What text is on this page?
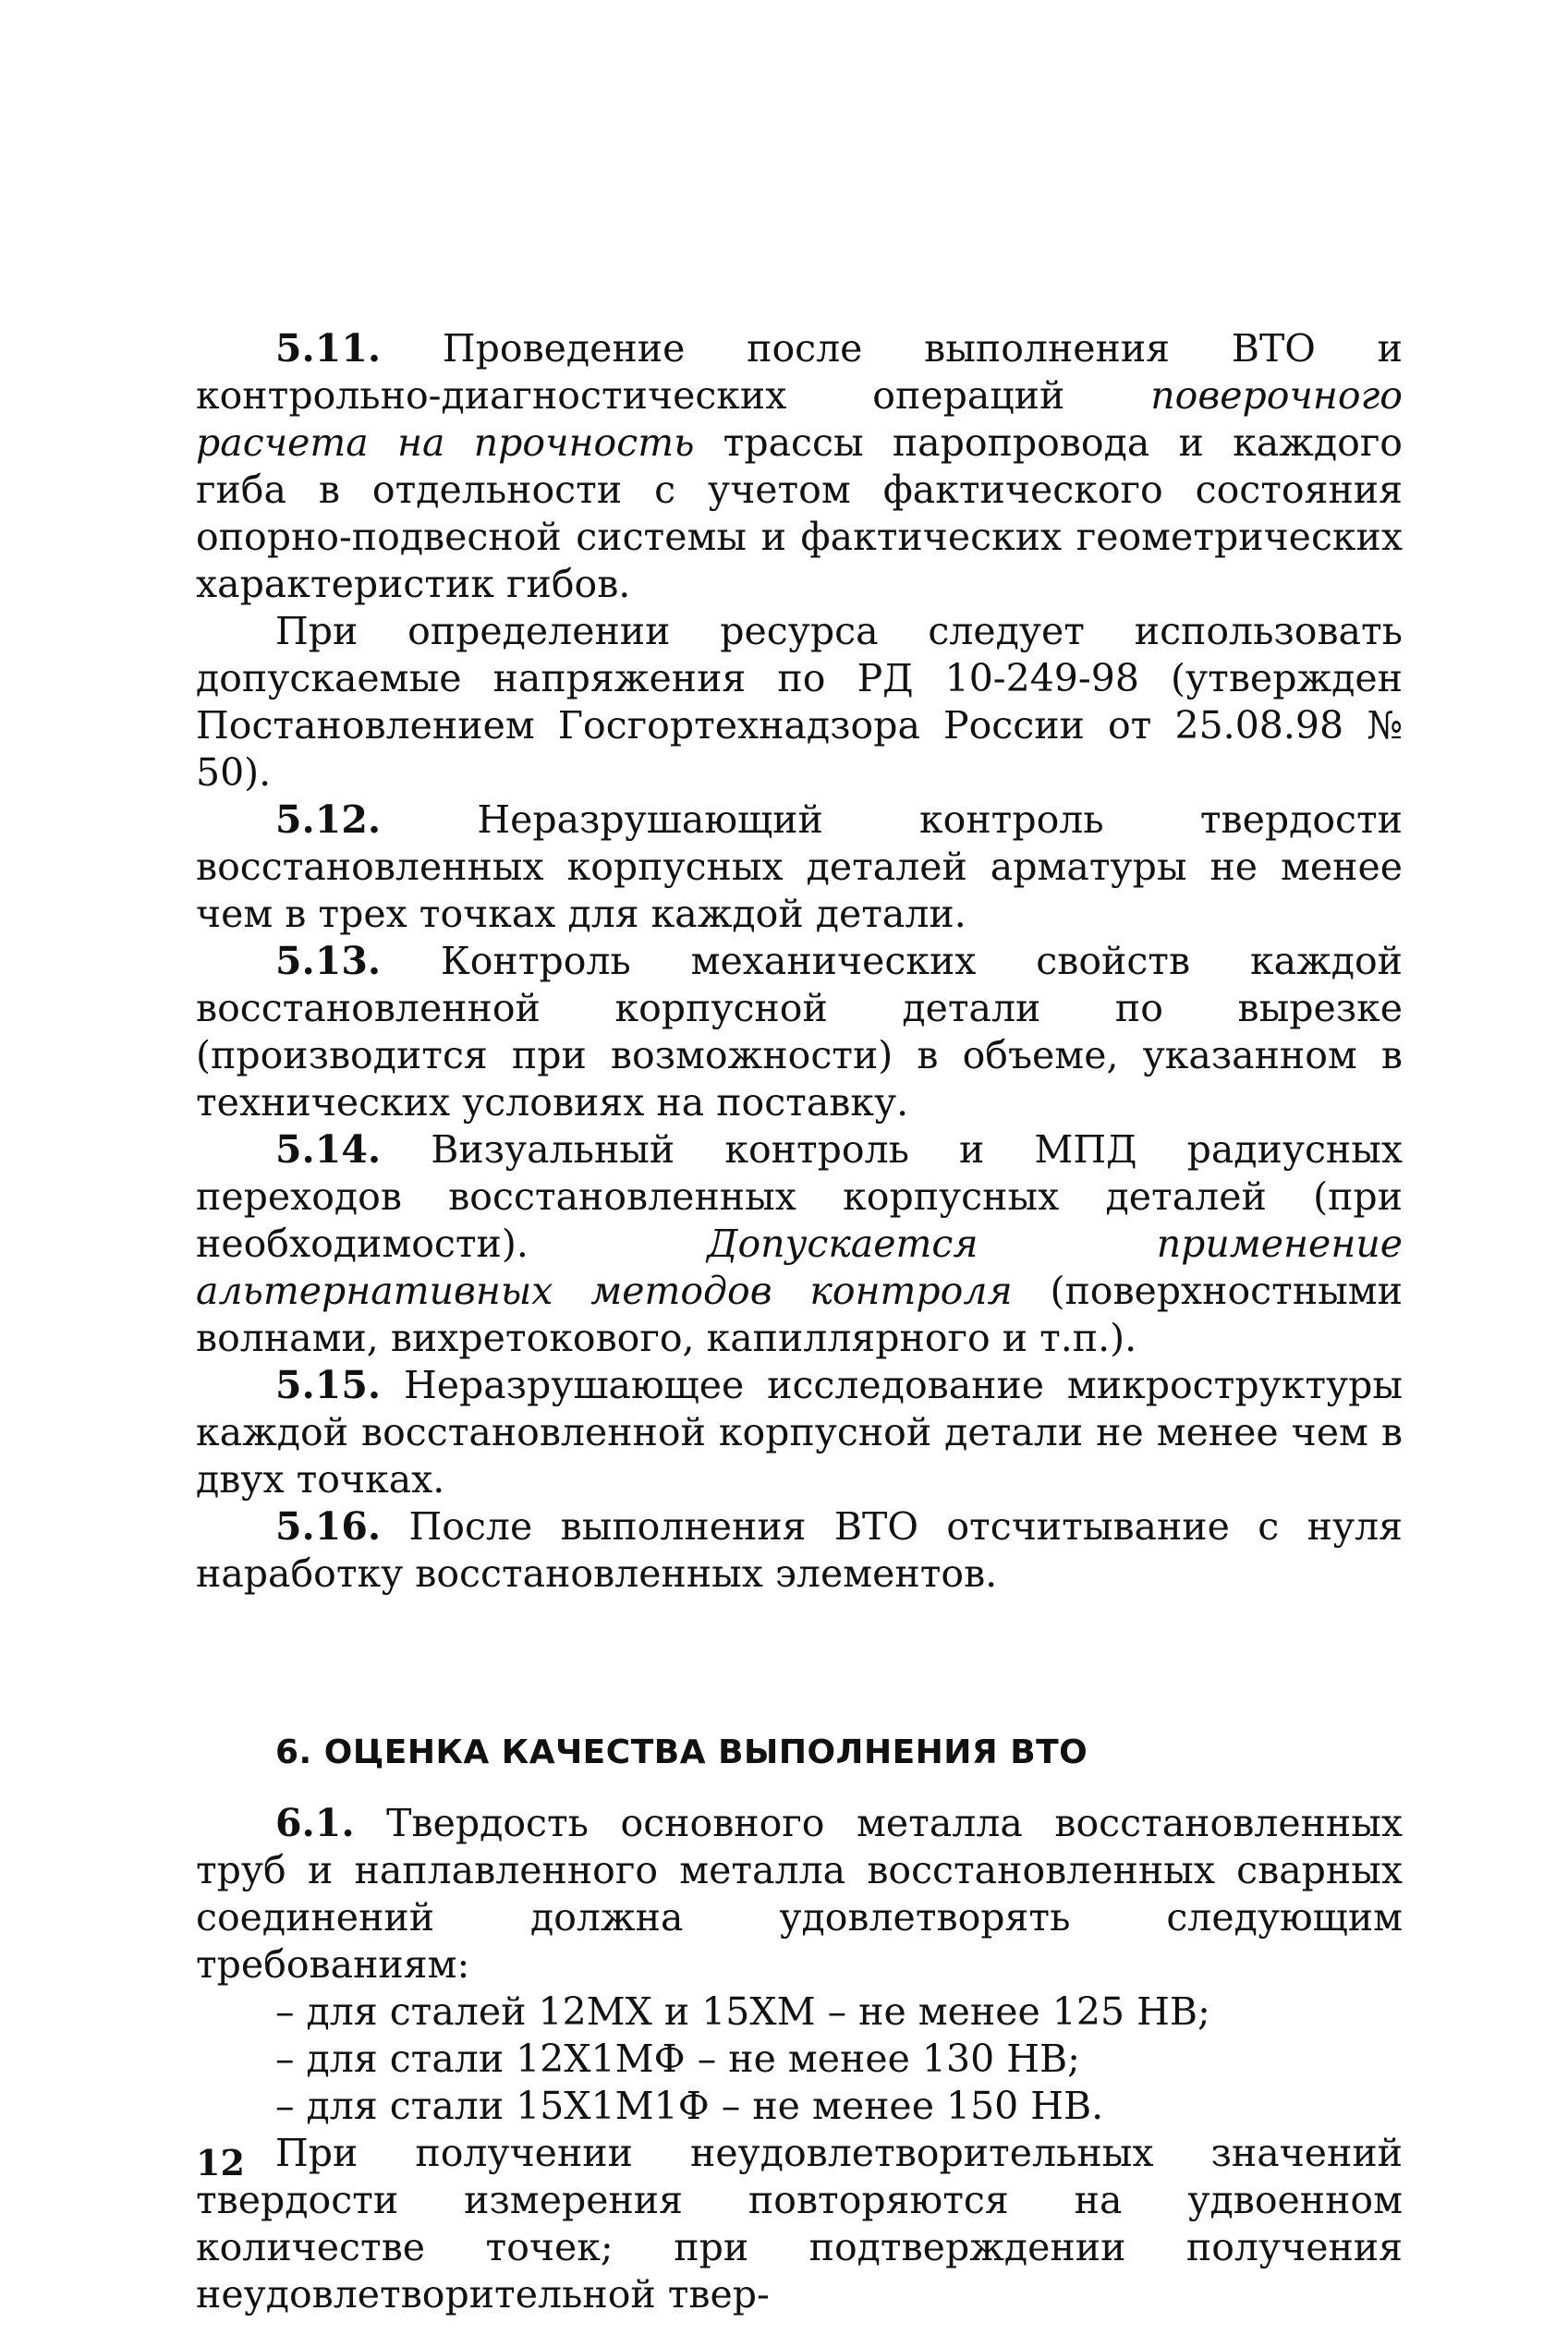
5.11. Проведение после выполнения ВТО и контрольно-диагностических операций поверочного расчета на прочность трассы паропровода и каждого гиба в отдельности с учетом фактического состояния опорно-подвесной системы и фактических геометрических характеристик гибов.

При определении ресурса следует использовать допускаемые напряжения по РД 10-249-98 (утвержден Постановлением Госгортехнадзора России от 25.08.98 № 50).

5.12. Неразрушающий контроль твердости восстановленных корпусных деталей арматуры не менее чем в трех точках для каждой детали.

5.13. Контроль механических свойств каждой восстановленной корпусной детали по вырезке (производится при возможности) в объеме, указанном в технических условиях на поставку.

5.14. Визуальный контроль и МПД радиусных переходов восстановленных корпусных деталей (при необходимости). Допускается применение альтернативных методов контроля (поверхностными волнами, вихретокового, капиллярного и т.п.).

5.15. Неразрушающее исследование микроструктуры каждой восстановленной корпусной детали не менее чем в двух точках.

5.16. После выполнения ВТО отсчитывание с нуля наработку восстановленных элементов.

6. ОЦЕНКА КАЧЕСТВА ВЫПОЛНЕНИЯ ВТО

6.1. Твердость основного металла восстановленных труб и наплавленного металла восстановленных сварных соединений должна удовлетворять следующим требованиям:

– для сталей 12МХ и 15ХМ – не менее 125 НВ;
– для стали 12Х1МФ – не менее 130 НВ;
– для стали 15Х1М1Ф – не менее 150 НВ.

При получении неудовлетворительных значений твердости измерения повторяются на удвоенном количестве точек; при подтверждении получения неудовлетворительной твер-

12
